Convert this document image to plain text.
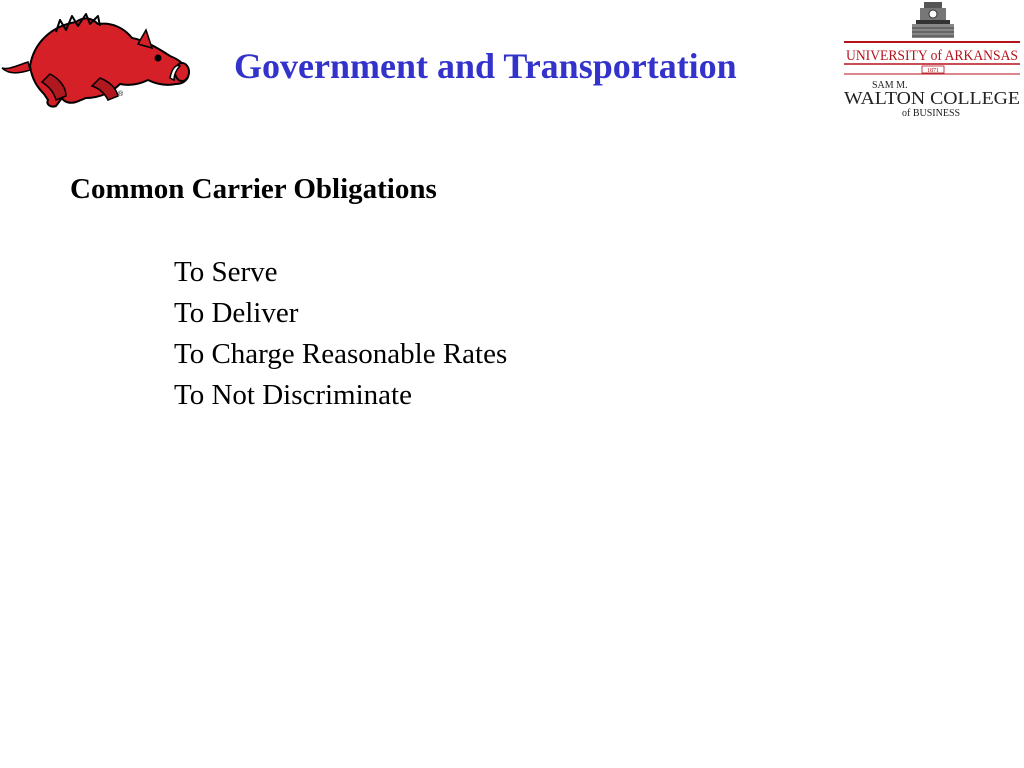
®
Government and Transportation	UNIVERSITY of ARKANSAS
1871
SAM M.
WALTON COLLEGE
of BUSINESS
Common Carrier Obligations
To Serve
To Deliver
To Charge Reasonable Rates
To Not Discriminate
